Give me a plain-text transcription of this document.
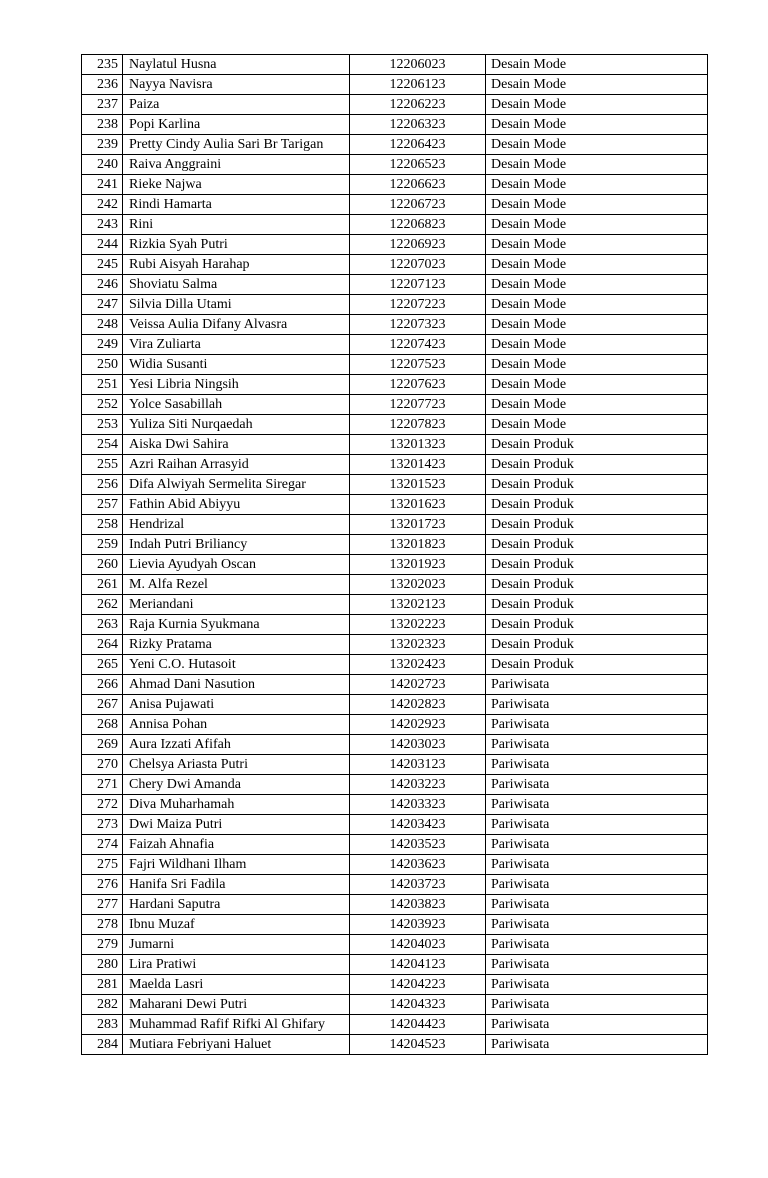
235	Naylatul Husna	12206023	Desain Mode
236	Nayya Navisra	12206123	Desain Mode
237	Paiza	12206223	Desain Mode
238	Popi Karlina	12206323	Desain Mode
239	Pretty Cindy Aulia Sari Br Tarigan	12206423	Desain Mode
240	Raiva Anggraini	12206523	Desain Mode
241	Rieke Najwa	12206623	Desain Mode
242	Rindi Hamarta	12206723	Desain Mode
243	Rini	12206823	Desain Mode
244	Rizkia Syah Putri	12206923	Desain Mode
245	Rubi Aisyah Harahap	12207023	Desain Mode
246	Shoviatu Salma	12207123	Desain Mode
247	Silvia Dilla Utami	12207223	Desain Mode
248	Veissa Aulia Difany Alvasra	12207323	Desain Mode
249	Vira Zuliarta	12207423	Desain Mode
250	Widia Susanti	12207523	Desain Mode
251	Yesi Libria Ningsih	12207623	Desain Mode
252	Yolce Sasabillah	12207723	Desain Mode
253	Yuliza Siti Nurqaedah	12207823	Desain Mode
254	Aiska Dwi Sahira	13201323	Desain Produk
255	Azri Raihan Arrasyid	13201423	Desain Produk
256	Difa Alwiyah Sermelita Siregar	13201523	Desain Produk
257	Fathin Abid Abiyyu	13201623	Desain Produk
258	Hendrizal	13201723	Desain Produk
259	Indah Putri Briliancy	13201823	Desain Produk
260	Lievia Ayudyah Oscan	13201923	Desain Produk
261	M. Alfa Rezel	13202023	Desain Produk
262	Meriandani	13202123	Desain Produk
263	Raja Kurnia Syukmana	13202223	Desain Produk
264	Rizky Pratama	13202323	Desain Produk
265	Yeni C.O. Hutasoit	13202423	Desain Produk
266	Ahmad Dani Nasution	14202723	Pariwisata
267	Anisa Pujawati	14202823	Pariwisata
268	Annisa Pohan	14202923	Pariwisata
269	Aura Izzati Afifah	14203023	Pariwisata
270	Chelsya Ariasta Putri	14203123	Pariwisata
271	Chery Dwi Amanda	14203223	Pariwisata
272	Diva Muharhamah	14203323	Pariwisata
273	Dwi Maiza Putri	14203423	Pariwisata
274	Faizah Ahnafia	14203523	Pariwisata
275	Fajri Wildhani Ilham	14203623	Pariwisata
276	Hanifa Sri Fadila	14203723	Pariwisata
277	Hardani Saputra	14203823	Pariwisata
278	Ibnu Muzaf	14203923	Pariwisata
279	Jumarni	14204023	Pariwisata
280	Lira Pratiwi	14204123	Pariwisata
281	Maelda Lasri	14204223	Pariwisata
282	Maharani Dewi Putri	14204323	Pariwisata
283	Muhammad Rafif Rifki Al Ghifary	14204423	Pariwisata
284	Mutiara Febriyani Haluet	14204523	Pariwisata
